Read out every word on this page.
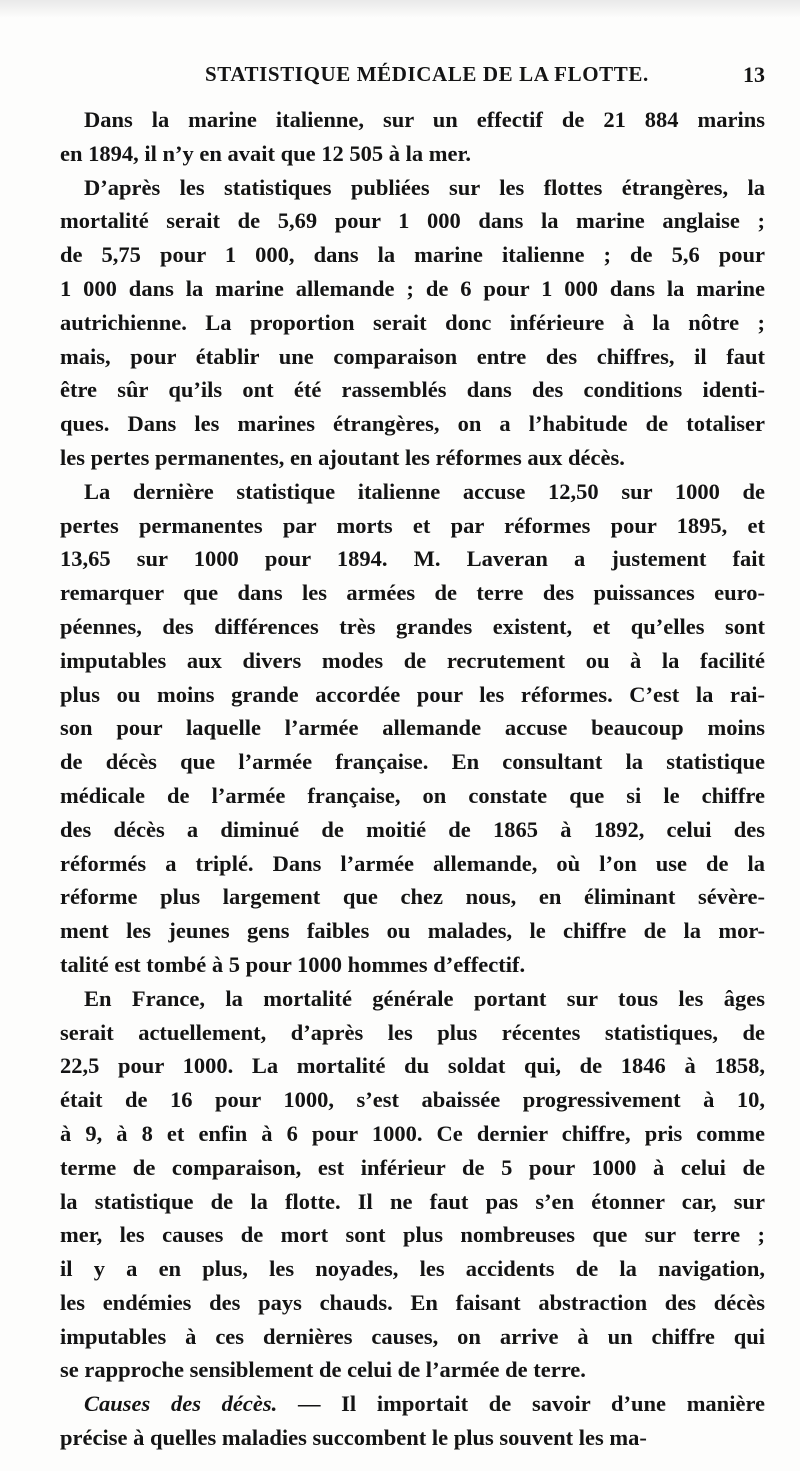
STATISTIQUE MÉDICALE DE LA FLOTTE.	13
Dans la marine italienne, sur un effectif de 21 884 marins
en 1894, il n’y en avait que 12 505 à la mer.
D’après les statistiques publiées sur les flottes étrangères, la
mortalité serait de 5,69 pour 1 000 dans la marine anglaise ;
de 5,75 pour 1 000, dans la marine italienne ; de 5,6 pour
1 000 dans la marine allemande ; de 6 pour 1 000 dans la marine
autrichienne. La proportion serait donc inférieure à la nôtre ;
mais, pour établir une comparaison entre des chiffres, il faut
être sûr qu’ils ont été rassemblés dans des conditions identi-
ques. Dans les marines étrangères, on a l’habitude de totaliser
les pertes permanentes, en ajoutant les réformes aux décès.
La dernière statistique italienne accuse 12,50 sur 1000 de
pertes permanentes par morts et par réformes pour 1895, et
13,65 sur 1000 pour 1894. M. Laveran a justement fait
remarquer que dans les armées de terre des puissances euro-
péennes, des différences très grandes existent, et qu’elles sont
imputables aux divers modes de recrutement ou à la facilité
plus ou moins grande accordée pour les réformes. C’est la rai-
son pour laquelle l’armée allemande accuse beaucoup moins
de décès que l’armée française. En consultant la statistique
médicale de l’armée française, on constate que si le chiffre
des décès a diminué de moitié de 1865 à 1892, celui des
réformés a triplé. Dans l’armée allemande, où l’on use de la
réforme plus largement que chez nous, en éliminant sévère-
ment les jeunes gens faibles ou malades, le chiffre de la mor-
talité est tombé à 5 pour 1000 hommes d’effectif.
En France, la mortalité générale portant sur tous les âges
serait actuellement, d’après les plus récentes statistiques, de
22,5 pour 1000. La mortalité du soldat qui, de 1846 à 1858,
était de 16 pour 1000, s’est abaissée progressivement à 10,
à 9, à 8 et enfin à 6 pour 1000. Ce dernier chiffre, pris comme
terme de comparaison, est inférieur de 5 pour 1000 à celui de
la statistique de la flotte. Il ne faut pas s’en étonner car, sur
mer, les causes de mort sont plus nombreuses que sur terre ;
il y a en plus, les noyades, les accidents de la navigation,
les endémies des pays chauds. En faisant abstraction des décès
imputables à ces dernières causes, on arrive à un chiffre qui
se rapproche sensiblement de celui de l’armée de terre.
Causes des décès. — Il importait de savoir d’une manière
précise à quelles maladies succombent le plus souvent les ma-
